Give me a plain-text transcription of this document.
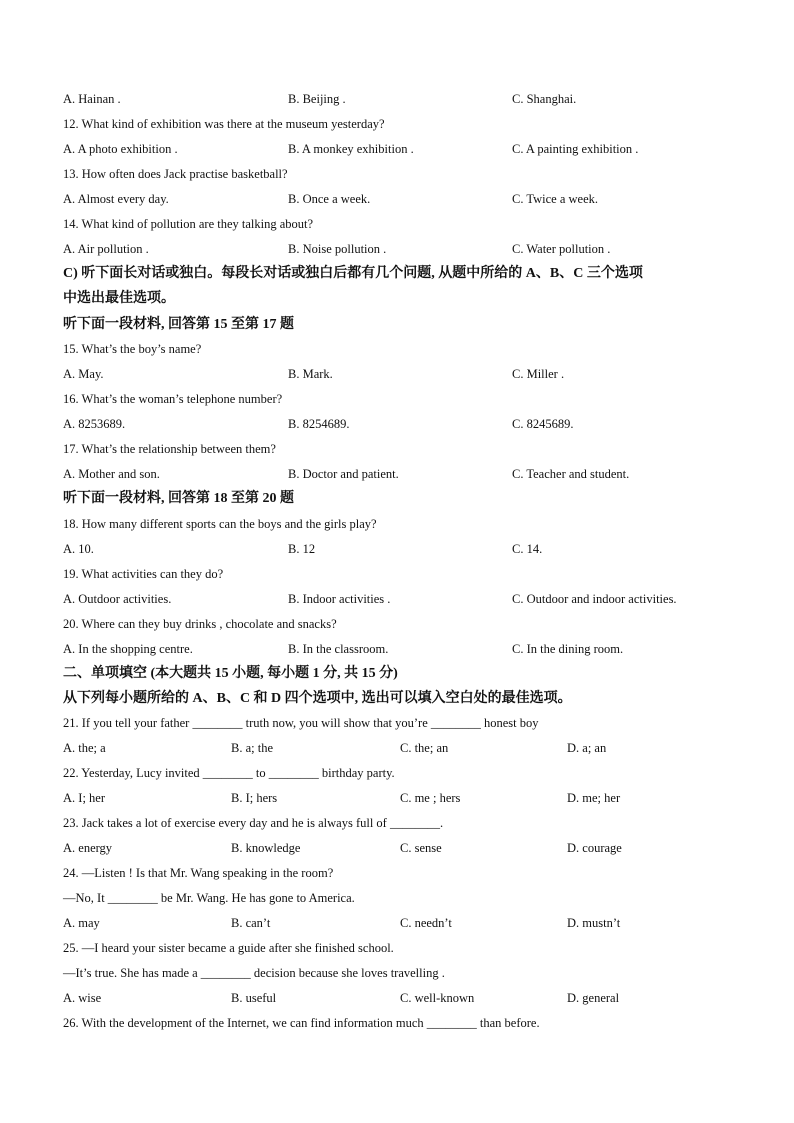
A. Hainan .	B. Beijing .	C. Shanghai.
12. What kind of exhibition was there at the museum yesterday?
A. A photo exhibition .	B. A monkey exhibition .	C. A painting exhibition .
13. How often does Jack practise basketball?
A. Almost every day.	B. Once a week.	C. Twice a week.
14. What kind of pollution are they talking about?
A. Air pollution .	B. Noise pollution .	C. Water pollution .
C) 听下面长对话或独白。每段长对话或独白后都有几个问题, 从题中所给的 A、B、C 三个选项
中选出最佳选项。
听下面一段材料, 回答第 15 至第 17 题
15. What’s the boy’s name?
A. May.	B. Mark.	C. Miller .
16. What’s the woman’s telephone number?
A. 8253689.	B. 8254689.	C. 8245689.
17. What’s the relationship between them?
A. Mother and son.	B. Doctor and patient.	C. Teacher and student.
听下面一段材料, 回答第 18 至第 20 题
18. How many different sports can the boys and the girls play?
A. 10.	B. 12	C. 14.
19. What activities can they do?
A. Outdoor activities.	B. Indoor activities .	C. Outdoor and indoor activities.
20. Where can they buy drinks , chocolate and snacks?
A. In the shopping centre.	B. In the classroom.	C. In the dining room.
二、单项填空 (本大题共 15 小题, 每小题 1 分, 共 15 分)
从下列每小题所给的 A、B、C 和 D 四个选项中, 选出可以填入空白处的最佳选项。
21. If you tell your father ________ truth now, you will show that you’re ________ honest boy
A. the; a	B. a; the	C. the; an	D. a; an
22. Yesterday, Lucy invited ________ to ________ birthday party.
A. I; her	B. I; hers	C. me ; hers	D. me; her
23. Jack takes a lot of exercise every day and he is always full of ________.
A. energy	B. knowledge	C. sense	D. courage
24. —Listen ! Is that Mr. Wang speaking in the room?
—No, It ________ be Mr. Wang. He has gone to America.
A. may	B. can’t	C. needn’t	D. mustn’t
25. —I heard your sister became a guide after she finished school.
—It’s true. She has made a ________ decision because she loves travelling .
A. wise	B. useful	C. well-known	D. general
26. With the development of the Internet, we can find information much ________ than before.
